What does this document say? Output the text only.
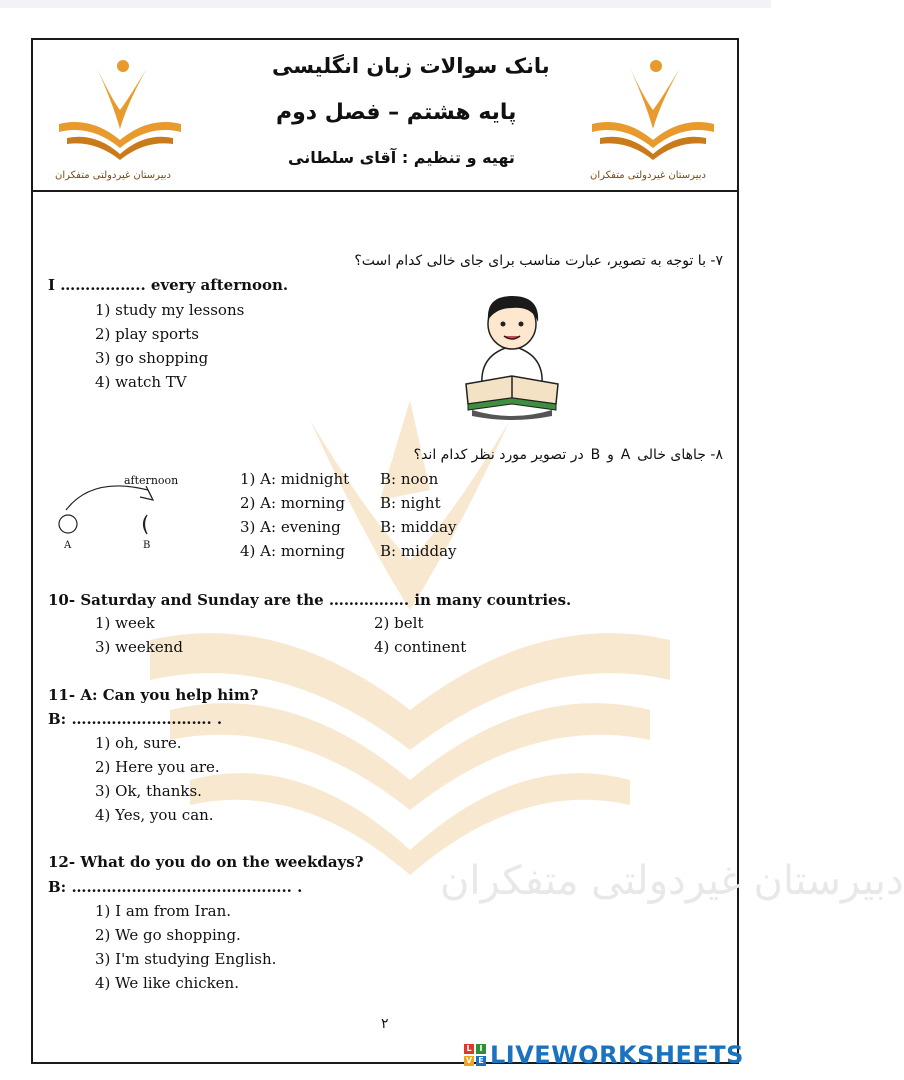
دبیرستان غیردولتی متفکران
دبیرستان غیردولتی متفکران	دبیرستان غیردولتی متفکران
بانک سوالات زبان انگلیسی
پایه هشتم – فصل دوم
تهیه و تنظیم : آقای سلطانی
۷- با توجه به تصویر، عبارت مناسب برای جای خالی کدام است؟
I …………….. every afternoon.
1) study my lessons
2) play sports
3) go shopping
4) watch TV
۸- جاهای خالی A و B در تصویر مورد نظر کدام اند؟
afternoon
A	B
1) A: midnight B: noon
2) A: morning B: night
3) A: evening	B: midday
4) A: morning B: midday
10- Saturday and Sunday are the ……………. in many countries.
1) week	2) belt
3) weekend	4) continent
11- A: Can you help him?
B: ………………………. .
1) oh, sure.
2) Here you are.
3) Ok, thanks.
4) Yes, you can.
12- What do you do on the weekdays?
B: …………………………………….. .
1) I am from Iran.
2) We go shopping.
3) I'm studying English.
4) We like chicken.
۲
L I
V E LIVEWORKSHEETS
